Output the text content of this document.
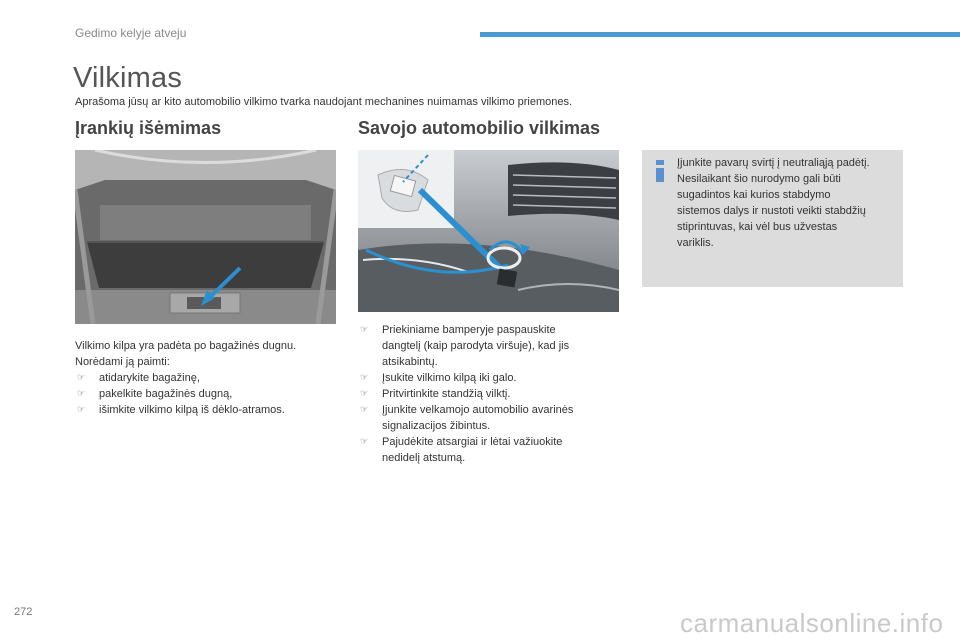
Gedimo kelyje atveju
Vilkimas
Aprašoma jūsų ar kito automobilio vilkimo tvarka naudojant mechanines nuimamas vilkimo priemones.
Įrankių išėmimas	Savojo automobilio vilkimas
Vilkimo kilpa yra padėta po bagažinės dugnu.
Norėdami ją paimti:
☞ atidarykite bagažinę,
☞ pakelkite bagažinės dugną,
☞ išimkite vilkimo kilpą iš dėklo-atramos.
☞ Priekiniame bamperyje paspauskite
dangtelį (kaip parodyta viršuje), kad jis
atsikabintų.
☞ Įsukite vilkimo kilpą iki galo.
☞ Pritvirtinkite standžią vilktį.
☞ Įjunkite velkamojo automobilio avarinės
signalizacijos žibintus.
☞ Pajudėkite atsargiai ir lėtai važiuokite
nedidelį atstumą.
Įjunkite pavarų svirtį į neutraliąją padėtį.
Nesilaikant šio nurodymo gali būti
sugadintos kai kurios stabdymo
sistemos dalys ir nustoti veikti stabdžių
stiprintuvas, kai vėl bus užvestas
variklis.
272	carmanualsonline.info
